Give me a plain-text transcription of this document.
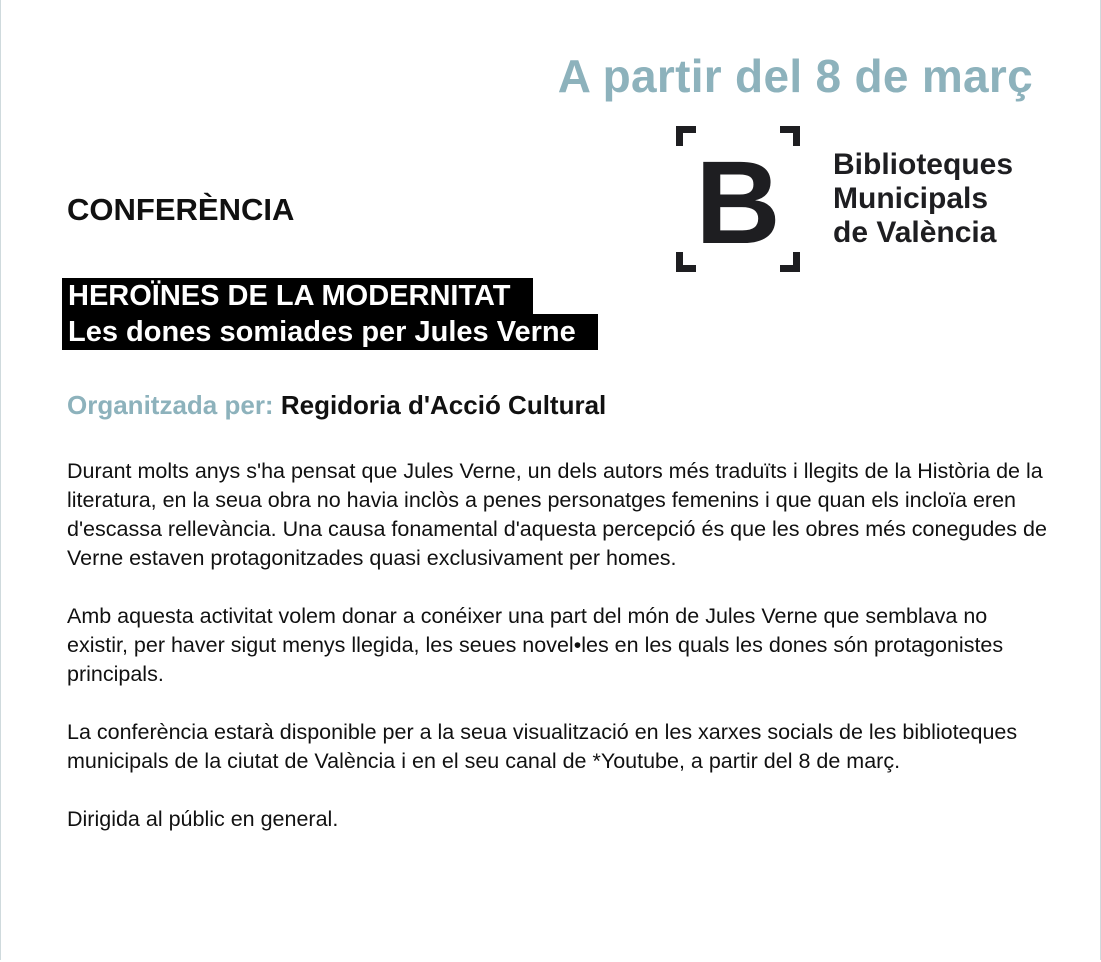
A partir del 8 de març
B Biblioteques
Municipals
de València
CONFERÈNCIA
HEROÏNES DE LA MODERNITAT
Les dones somiades per Jules Verne

Organitzada per: Regidoria d'Acció Cultural

Durant molts anys s'ha pensat que Jules Verne, un dels autors més traduïts i llegits de la Història de la literatura, en la seua obra no havia inclòs a penes personatges femenins i que quan els incloïa eren d'escassa rellevància. Una causa fonamental d'aquesta percepció és que les obres més conegudes de Verne estaven protagonitzades quasi exclusivament per homes.

Amb aquesta activitat volem donar a conéixer una part del món de Jules Verne que semblava no existir, per haver sigut menys llegida, les seues novel•les en les quals les dones són protagonistes principals.

La conferència estarà disponible per a la seua visualització en les xarxes socials de les biblioteques municipals de la ciutat de València i en el seu canal de *Youtube, a partir del 8 de març.

Dirigida al públic en general.
